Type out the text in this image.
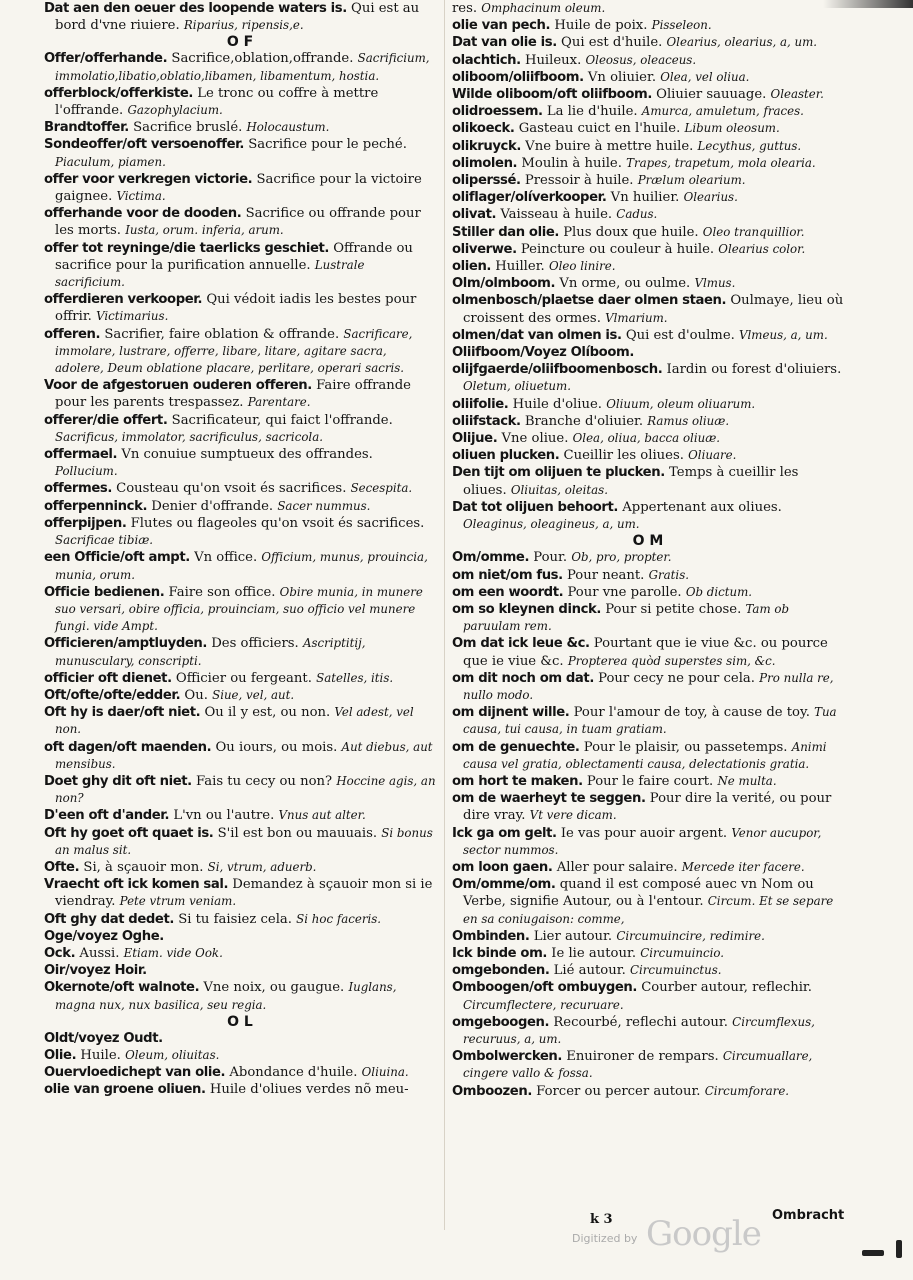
Dat aen den oeuer des loopende waters is. Qui est au bord d'vne riuiere. Riparius, ripensis,e.
O F
Offer/offerhande. Sacrifice,oblation,offrande. Sacrificium, immolatio,libatio,oblatio,libamen, libamentum, hostia.
offerblock/offerkiste. Le tronc ou coffre à mettre l'offrande. Gazophylacium.
Brandtoffer. Sacrifice bruslé. Holocaustum.
Sondeoffer/oft versoenoffer. Sacrifice pour le peché. Piaculum, piamen.
offer voor verkregen victorie. Sacrifice pour la victoire gaignee. Victima.
offerhande voor de dooden. Sacrifice ou offrande pour les morts. Iusta, orum. inferia, arum.
offer tot reyninge/die taerlicks geschiet. Offrande ou sacrifice pour la purification annuelle. Lustrale sacrificium.
offerdieren verkooper. Qui védoit iadis les bestes pour offrir. Victimarius.
offeren. Sacrifier, faire oblation & offrande. Sacrificare, immolare, lustrare, offerre, libare, litare, agitare sacra, adolere, Deum oblatione placare, perlitare, operari sacris.
Voor de afgestoruen ouderen offeren. Faire offrande pour les parents trespassez. Parentare.
offerer/die offert. Sacrificateur, qui faict l'offrande. Sacrificus, immolator, sacrificulus, sacricola.
offermael. Vn conuiue sumptueux des offrandes. Pollucium.
offermes. Cousteau qu'on vsoit és sacrifices. Secespita.
offerpenninck. Denier d'offrande. Sacer nummus.
offerpijpen. Flutes ou flageoles qu'on vsoit és sacrifices. Sacrificae tibiæ.
een Officie/oft ampt. Vn office. Officium, munus, prouincia, munia, orum.
Officie bedienen. Faire son office. Obire munia, in munere suo versari, obire officia, prouinciam, suo officio vel munere fungi. vide Ampt.
Officieren/amptluyden. Des officiers. Ascriptitij, munusculary, conscripti.
officier oft dienet. Officier ou fergeant. Satelles, itis.
Oft/ofte/ofte/edder. Ou. Siue, vel, aut.
Oft hy is daer/oft niet. Ou il y est, ou non. Vel adest, vel non.
oft dagen/oft maenden. Ou iours, ou mois. Aut diebus, aut mensibus.
Doet ghy dit oft niet. Fais tu cecy ou non? Hoccine agis, an non?
D'een oft d'ander. L'vn ou l'autre. Vnus aut alter.
Oft hy goet oft quaet is. S'il est bon ou mauuais. Si bonus an malus sit.
Ofte. Si, à sçauoir mon. Si, vtrum, aduerb.
Vraecht oft ick komen sal. Demandez à sçauoir mon si ie viendray. Pete vtrum veniam.
Oft ghy dat dedet. Si tu faisiez cela. Si hoc faceris.
Oge/voyez Oghe.
Ock. Aussi. Etiam. vide Ook.
Oir/voyez Hoir.
Okernote/oft walnote. Vne noix, ou gaugue. Iuglans, magna nux, nux basilica, seu regia.
O L
Oldt/voyez Oudt.
Olie. Huile. Oleum, oliuitas.
Ouervloedichept van olie. Abondance d'huile. Oliuina.
olie van groene oliuen. Huile d'oliues verdes nõ meu-
res. Omphacinum oleum.
olie van pech. Huile de poix. Pisseleon.
Dat van olie is. Qui est d'huile. Olearius, olearius, a, um.
olachtich. Huileux. Oleosus, oleaceus.
oliboom/oliifboom. Vn oliuier. Olea, vel oliua.
Wilde oliboom/oft oliifboom. Oliuier sauuage. Oleaster.
olidroessem. La lie d'huile. Amurca, amuletum, fraces.
olikoeck. Gasteau cuict en l'huile. Libum oleosum.
olikruyck. Vne buire à mettre huile. Lecythus, guttus.
olimolen. Moulin à huile. Trapes, trapetum, mola olearia.
oliperssé. Pressoir à huile. Prælum olearium.
oliflager/olíverkooper. Vn huilier. Olearius.
olivat. Vaisseau à huile. Cadus.
Stiller dan olie. Plus doux que huile. Oleo tranquillior.
oliverwe. Peincture ou couleur à huile. Olearius color.
olien. Huiller. Oleo linire.
Olm/olmboom. Vn orme, ou oulme. Vlmus.
olmenbosch/plaetse daer olmen staen. Oulmaye, lieu où croissent des ormes. Vlmarium.
olmen/dat van olmen is. Qui est d'oulme. Vlmeus, a, um.
Oliifboom/Voyez Olíboom.
olijfgaerde/oliifboomenbosch. Iardin ou forest d'oliuiers. Oletum, oliuetum.
oliifolie. Huile d'oliue. Oliuum, oleum oliuarum.
oliifstack. Branche d'oliuier. Ramus oliuæ.
Olijue. Vne oliue. Olea, oliua, bacca oliuæ.
oliuen plucken. Cueillir les oliues. Oliuare.
Den tijt om olijuen te plucken. Temps à cueillir les oliues. Oliuitas, oleitas.
Dat tot olijuen behoort. Appertenant aux oliues. Oleaginus, oleagineus, a, um.
O M
Om/omme. Pour. Ob, pro, propter.
om niet/om fus. Pour neant. Gratis.
om een woordt. Pour vne parolle. Ob dictum.
om so kleynen dinck. Pour si petite chose. Tam ob paruulam rem.
Om dat ick leue &c. Pourtant que ie viue &c. ou pource que ie viue &c. Propterea quòd superstes sim, &c.
om dit noch om dat. Pour cecy ne pour cela. Pro nulla re, nullo modo.
om dijnent wille. Pour l'amour de toy, à cause de toy. Tua causa, tui causa, in tuam gratiam.
om de genuechte. Pour le plaisir, ou passetemps. Animi causa vel gratia, oblectamenti causa, delectationis gratia.
om hort te maken. Pour le faire court. Ne multa.
om de waerheyt te seggen. Pour dire la verité, ou pour dire vray. Vt vere dicam.
Ick ga om gelt. Ie vas pour auoir argent. Venor aucupor, sector nummos.
om loon gaen. Aller pour salaire. Mercede iter facere.
Om/omme/om. quand il est composé auec vn Nom ou Verbe, signifie Autour, ou à l'entour. Circum. Et se separe en sa coniugaison: comme,
Ombinden. Lier autour. Circumuincire, redimire.
Ick binde om. Ie lie autour. Circumuincio.
omgebonden. Lié autour. Circumuinctus.
Omboogen/oft ombuygen. Courber autour, reflechir. Circumflectere, recuruare.
omgeboogen. Recourbé, reflechi autour. Circumflexus, recuruus, a, um.
Ombolwercken. Enuironer de rempars. Circumuallare, cingere vallo & fossa.
Omboozen. Forcer ou percer autour. Circumforare.
k 3	Ombracht
Digitized by Google
